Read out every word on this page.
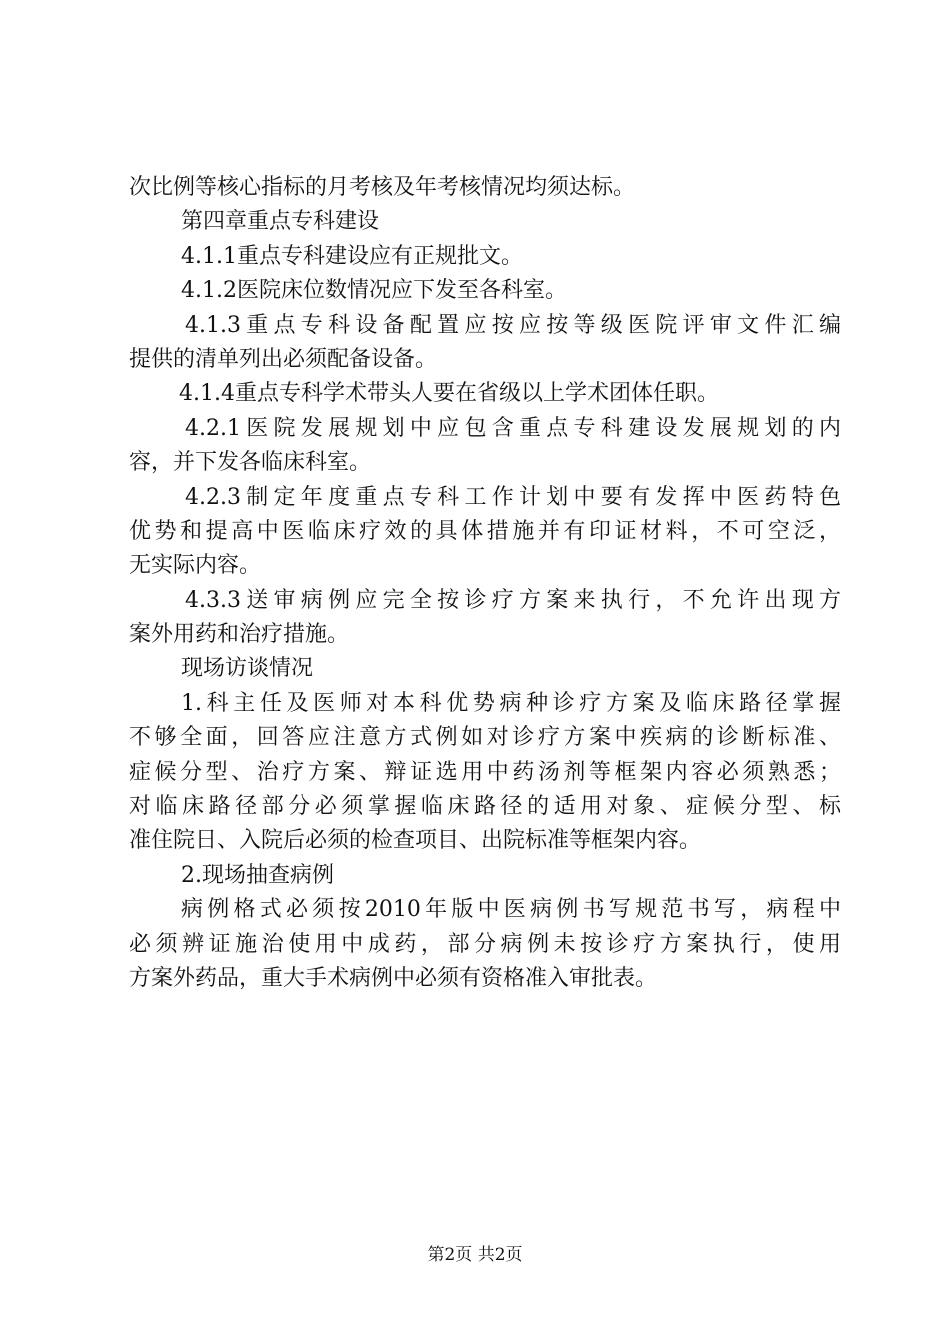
次比例等核心指标的月考核及年考核情况均须达标。
第四章重点专科建设
4.1.1重点专科建设应有正规批文。
4.1.2医院床位数情况应下发至各科室。
4.1.3重点专科设备配置应按应按等级医院评审文件汇编
提供的清单列出必须配备设备。
4.1.4重点专科学术带头人要在省级以上学术团体任职。
4.2.1医院发展规划中应包含重点专科建设发展规划的内
容，并下发各临床科室。
4.2.3制定年度重点专科工作计划中要有发挥中医药特色
优势和提高中医临床疗效的具体措施并有印证材料，不可空泛，
无实际内容。
4.3.3送审病例应完全按诊疗方案来执行，不允许出现方
案外用药和治疗措施。
现场访谈情况
1.科主任及医师对本科优势病种诊疗方案及临床路径掌握
不够全面，回答应注意方式例如对诊疗方案中疾病的诊断标准、
症候分型、治疗方案、辩证选用中药汤剂等框架内容必须熟悉；
对临床路径部分必须掌握临床路径的适用对象、症候分型、标
准住院日、入院后必须的检查项目、出院标准等框架内容。
2.现场抽查病例
病例格式必须按2010年版中医病例书写规范书写，病程中
必须辨证施治使用中成药，部分病例未按诊疗方案执行，使用
方案外药品，重大手术病例中必须有资格准入审批表。
第2页 共2页
